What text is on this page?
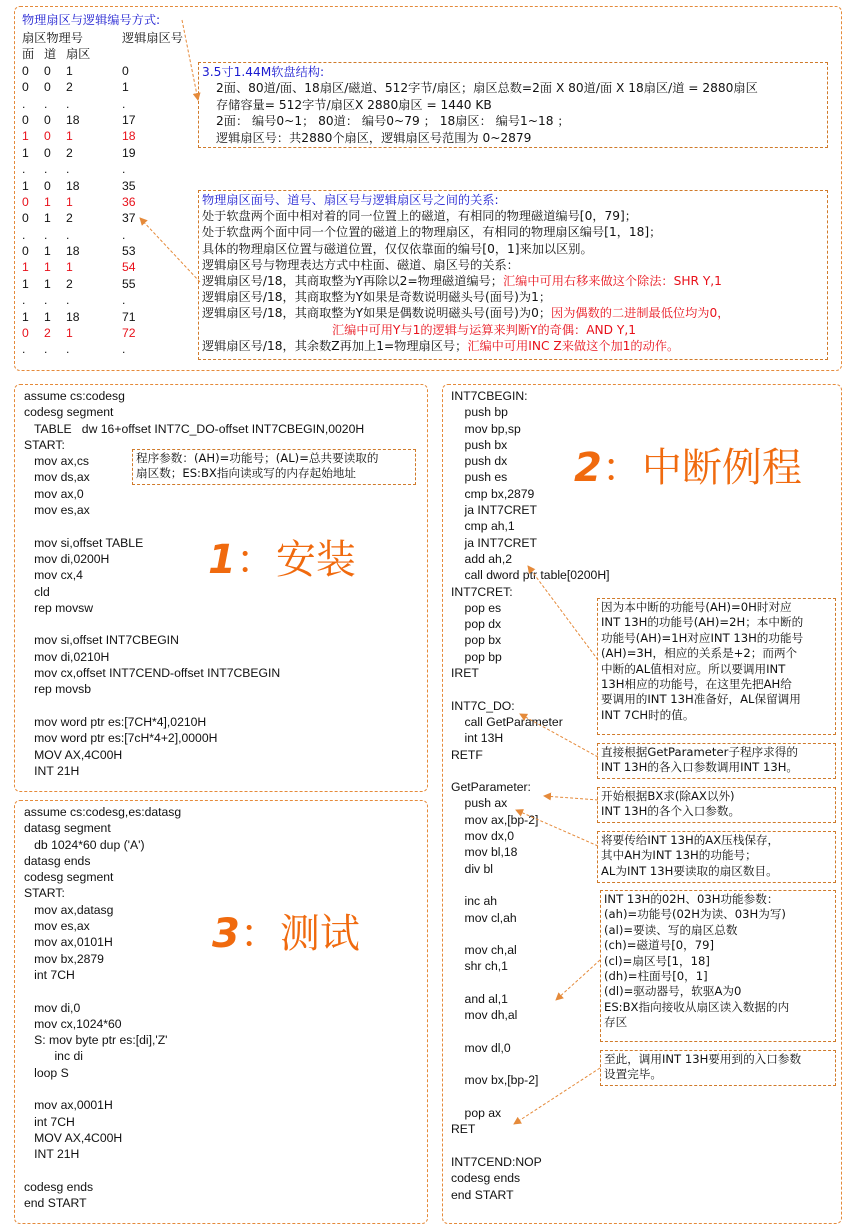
物理扇区与逻辑编号方式:
扇区物理号	逻辑扇区号
面 道 扇区
0 0 1	0
0 0 2	1
. . .	.
0 0 18	17
1 0 1	18
1 0 2	19
. . .	.
1 0 18	35
0 1 1	36
0 1 2	37
. . .	.
0 1 18	53
1 1 1	54
1 1 2	55
. . .	.
1 1 18	71
0 2 1	72
. . .	.
3.5寸1.44M软盘结构:
2面、80道/面、18扇区/磁道、512字节/扇区；扇区总数=2面 X 80道/面 X 18扇区/道 = 2880扇区
存储容量= 512字节/扇区X 2880扇区 = 1440 KB
2面： 编号0~1； 80道： 编号0~79 ； 18扇区： 编号1~18 ；
逻辑扇区号：共2880个扇区，逻辑扇区号范围为 0~2879
物理扇区面号、道号、扇区号与逻辑扇区号之间的关系:
处于软盘两个面中相对着的同一位置上的磁道，有相同的物理磁道编号[0，79]；
处于软盘两个面中同一个位置的磁道上的物理扇区，有相同的物理扇区编号[1，18]；
具体的物理扇区位置与磁道位置，仅仅依靠面的编号[0，1]来加以区别。
逻辑扇区号与物理表达方式中柱面、磁道、扇区号的关系：
逻辑扇区号/18，其商取整为Y再除以2=物理磁道编号；汇编中可用右移来做这个除法：SHR Y,1
逻辑扇区号/18，其商取整为Y如果是奇数说明磁头号(面号)为1；
逻辑扇区号/18，其商取整为Y如果是偶数说明磁头号(面号)为0；因为偶数的二进制最低位均为0，
汇编中可用Y与1的逻辑与运算来判断Y的奇偶：AND Y,1
逻辑扇区号/18，其余数Z再加上1=物理扇区号；汇编中可用INC Z来做这个加1的动作。
assume cs:codesg
codesg segment
TABLE   dw 16+offset INT7C_DO-offset INT7CBEGIN,0020H
START:
mov ax,cs
mov ds,ax
mov ax,0
mov es,ax
mov si,offset TABLE
mov di,0200H
mov cx,4
cld
rep movsw
mov si,offset INT7CBEGIN
mov di,0210H
mov cx,offset INT7CEND-offset INT7CBEGIN
rep movsb
mov word ptr es:[7CH*4],0210H
mov word ptr es:[7cH*4+2],0000H
MOV AX,4C00H
INT 21H
程序参数：(AH)=功能号；(AL)=总共要读取的
扇区数；ES:BX指向读或写的内存起始地址
1：安装
assume cs:codesg,es:datasg
datasg segment
db 1024*60 dup ('A')
datasg ends
codesg segment
START:
mov ax,datasg
mov es,ax
mov ax,0101H
mov bx,2879
int 7CH
mov di,0
mov cx,1024*60
S: mov byte ptr es:[di],'Z'
inc di
loop S
mov ax,0001H
int 7CH
MOV AX,4C00H
INT 21H
codesg ends
end START
3：测试
INT7CBEGIN:
push bp
mov bp,sp
push bx
push dx
push es
cmp bx,2879
ja INT7CRET
cmp ah,1
ja INT7CRET
add ah,2
call dword ptr table[0200H]
INT7CRET:
pop es
pop dx
pop bx
pop bp
IRET
INT7C_DO:
call GetParameter
int 13H
RETF
GetParameter:
push ax
mov ax,[bp-2]
mov dx,0
mov bl,18
div bl
inc ah
mov cl,ah
mov ch,al
shr ch,1
and al,1
mov dh,al
mov dl,0
mov bx,[bp-2]
pop ax
RET
INT7CEND:NOP
codesg ends
end START
2：中断例程
因为本中断的功能号(AH)=0H时对应
INT 13H的功能号(AH)=2H；本中断的
功能号(AH)=1H对应INT 13H的功能号
(AH)=3H，相应的关系是+2；而两个
中断的AL值相对应。所以要调用INT
13H相应的功能号，在这里先把AH给
要调用的INT 13H准备好，AL保留调用
INT 7CH时的值。
直接根据GetParameter子程序求得的
INT 13H的各入口参数调用INT 13H。
开始根据BX求(除AX以外)
INT 13H的各个入口参数。
将要传给INT 13H的AX压栈保存，
其中AH为INT 13H的功能号；
AL为INT 13H要读取的扇区数目。
INT 13H的02H、03H功能参数：
(ah)=功能号(02H为读、03H为写)
(al)=要读、写的扇区总数
(ch)=磁道号[0，79]
(cl)=扇区号[1，18]
(dh)=柱面号[0，1]
(dl)=驱动器号，软驱A为0
ES:BX指向接收从扇区读入数据的内
存区
至此，调用INT 13H要用到的入口参数
设置完毕。
